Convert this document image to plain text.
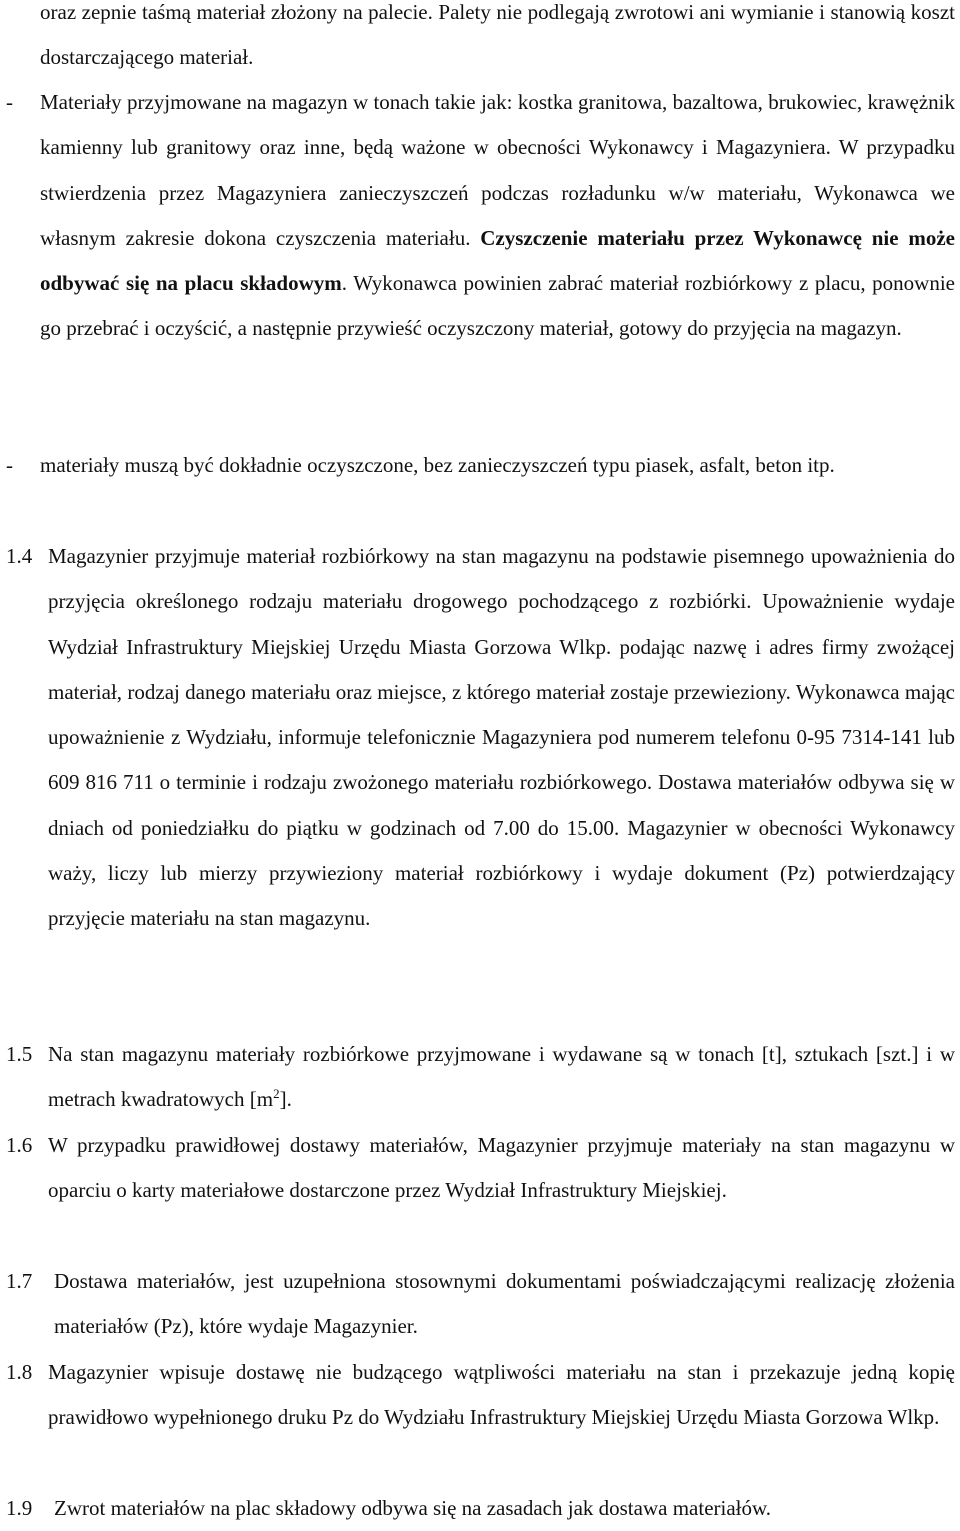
oraz zepnie taśmą materiał złożony na palecie. Palety nie podlegają zwrotowi ani wymianie i stanowią koszt dostarczającego materiał.

- Materiały przyjmowane na magazyn w tonach takie jak: kostka granitowa, bazaltowa, brukowiec, krawężnik kamienny lub granitowy oraz inne, będą ważone w obecności Wykonawcy i Magazyniera. W przypadku stwierdzenia przez Magazyniera zanieczyszczeń podczas rozładunku w/w materiału, Wykonawca we własnym zakresie dokona czyszczenia materiału. Czyszczenie materiału przez Wykonawcę nie może odbywać się na placu składowym. Wykonawca powinien zabrać materiał rozbiórkowy z placu, ponownie go przebrać i oczyścić, a następnie przywieść oczyszczony materiał, gotowy do przyjęcia na magazyn.

- materiały muszą być dokładnie oczyszczone, bez zanieczyszczeń typu piasek, asfalt, beton itp.

1.4 Magazynier przyjmuje materiał rozbiórkowy na stan magazynu na podstawie pisemnego upoważnienia do przyjęcia określonego rodzaju materiału drogowego pochodzącego z rozbiórki. Upoważnienie wydaje Wydział Infrastruktury Miejskiej Urzędu Miasta Gorzowa Wlkp. podając nazwę i adres firmy zwożącej materiał, rodzaj danego materiału oraz miejsce, z którego materiał zostaje przewieziony. Wykonawca mając upoważnienie z Wydziału, informuje telefonicznie Magazyniera pod numerem telefonu 0-95 7314-141 lub 609 816 711 o terminie i rodzaju zwożonego materiału rozbiórkowego. Dostawa materiałów odbywa się w dniach od poniedziałku do piątku w godzinach od 7.00 do 15.00. Magazynier w obecności Wykonawcy waży, liczy lub mierzy przywieziony materiał rozbiórkowy i wydaje dokument (Pz) potwierdzający przyjęcie materiału na stan magazynu.

1.5 Na stan magazynu materiały rozbiórkowe przyjmowane i wydawane są w tonach [t], sztukach [szt.] i w metrach kwadratowych $[m^2]$.

1.6 W przypadku prawidłowej dostawy materiałów, Magazynier przyjmuje materiały na stan magazynu w oparciu o karty materiałowe dostarczone przez Wydział Infrastruktury Miejskiej.

1.7 Dostawa materiałów, jest uzupełniona stosownymi dokumentami poświadczającymi realizację złożenia materiałów (Pz), które wydaje Magazynier.

1.8 Magazynier wpisuje dostawę nie budzącego wątpliwości materiału na stan i przekazuje jedną kopię prawidłowo wypełnionego druku Pz do Wydziału Infrastruktury Miejskiej Urzędu Miasta Gorzowa Wlkp.

1.9 Zwrot materiałów na plac składowy odbywa się na zasadach jak dostawa materiałów.
